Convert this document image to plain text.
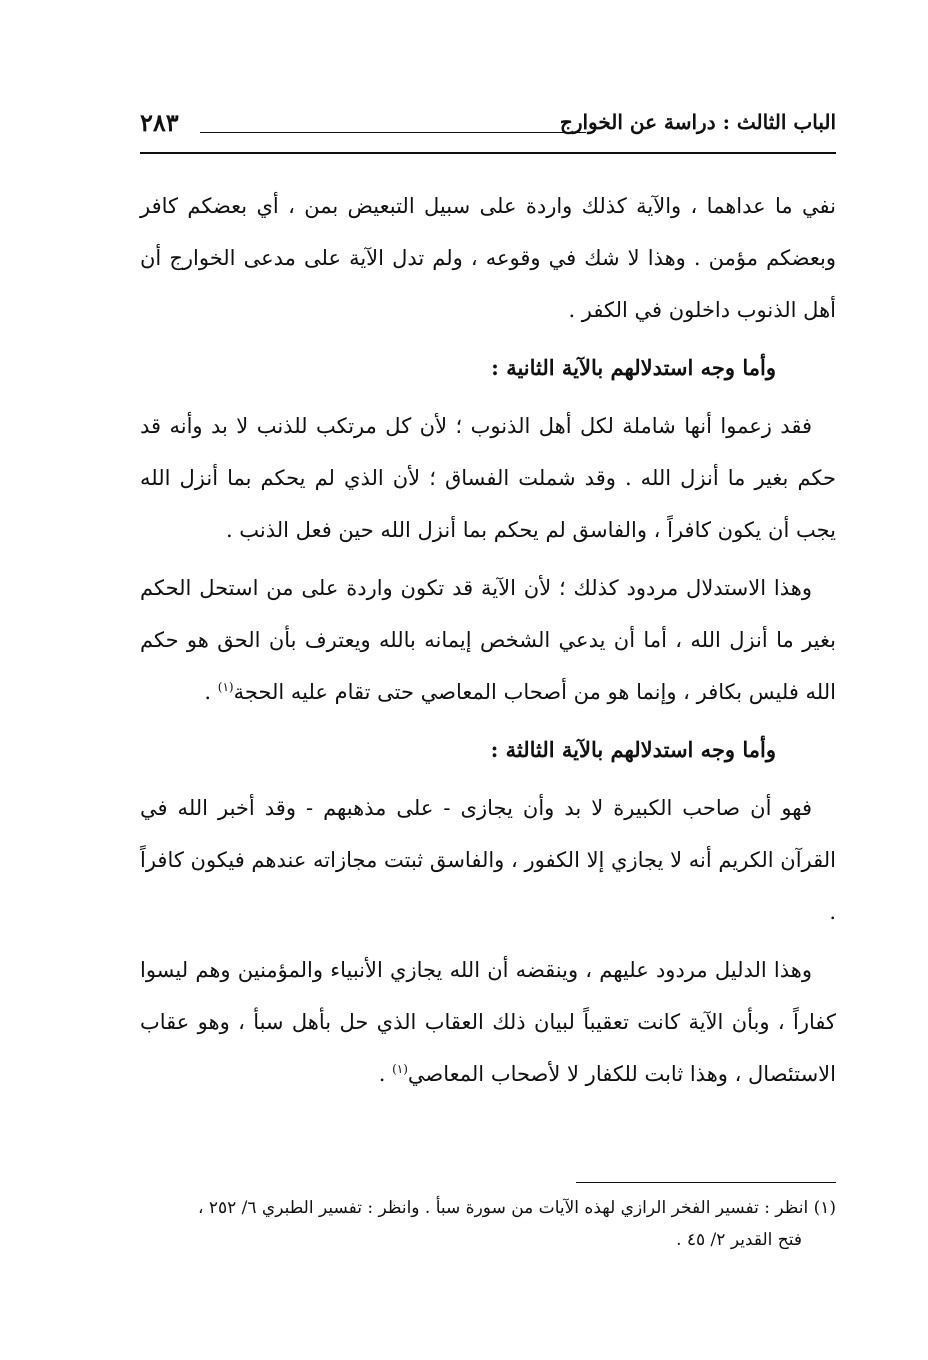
الباب الثالث : دراسة عن الخوارج
٢٨٣

نفي ما عداهما ، والآية كذلك واردة على سبيل التبعيض بمن ، أي بعضكم كافر وبعضكم مؤمن . وهذا لا شك في وقوعه ، ولم تدل الآية على مدعى الخوارج أن أهل الذنوب داخلون في الكفر .

وأما وجه استدلالهم بالآية الثانية :

فقد زعموا أنها شاملة لكل أهل الذنوب ؛ لأن كل مرتكب للذنب لا بد وأنه قد حكم بغير ما أنزل الله . وقد شملت الفساق ؛ لأن الذي لم يحكم بما أنزل الله يجب أن يكون كافراً ، والفاسق لم يحكم بما أنزل الله حين فعل الذنب .

وهذا الاستدلال مردود كذلك ؛ لأن الآية قد تكون واردة على من استحل الحكم بغير ما أنزل الله ، أما أن يدعي الشخص إيمانه بالله ويعترف بأن الحق هو حكم الله فليس بكافر ، وإنما هو من أصحاب المعاصي حتى تقام عليه الحجة$^{(١)}$ .

وأما وجه استدلالهم بالآية الثالثة :

فهو أن صاحب الكبيرة لا بد وأن يجازى - على مذهبهم - وقد أخبر الله في القرآن الكريم أنه لا يجازي إلا الكفور ، والفاسق ثبتت مجازاته عندهم فيكون كافراً .

وهذا الدليل مردود عليهم ، وينقضه أن الله يجازي الأنبياء والمؤمنين وهم ليسوا كفاراً ، وبأن الآية كانت تعقيباً لبيان ذلك العقاب الذي حل بأهل سبأ ، وهو عقاب الاستئصال ، وهذا ثابت للكفار لا لأصحاب المعاصي$^{(١)}$ .

(١) انظر : تفسير الفخر الرازي لهذه الآيات من سورة سبأ . وانظر : تفسير الطبري ٦/ ٢٥٢ ،
فتح القدير ٢/ ٤٥ .
